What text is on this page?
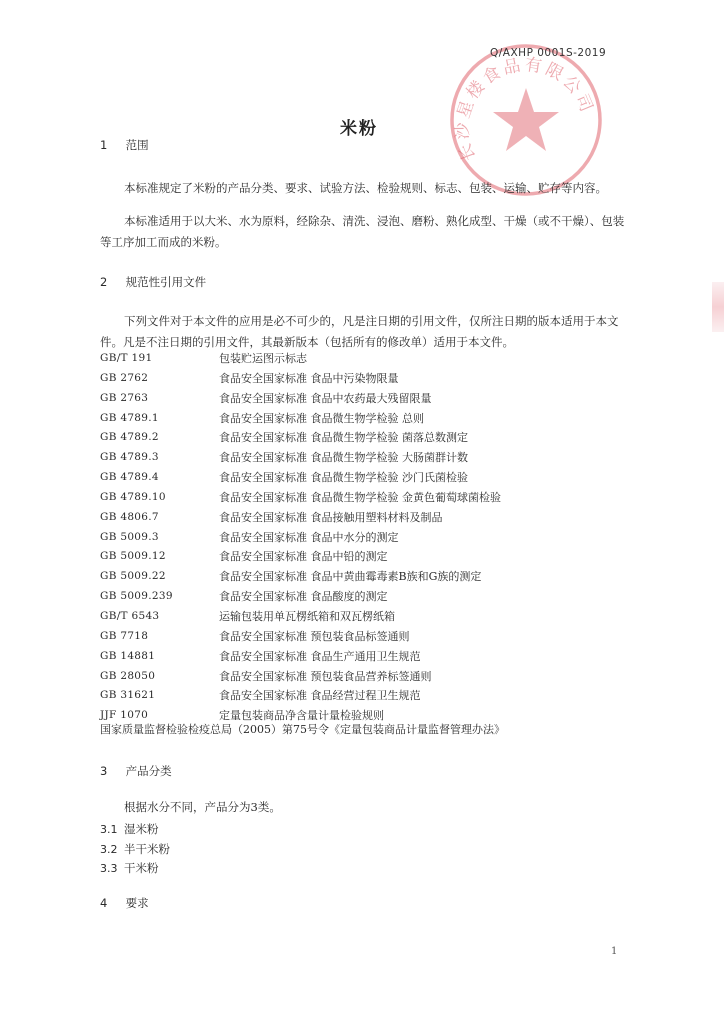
长沙星楼食品有限公司
Q/AXHP 0001S-2019
米粉
1 范围

本标准规定了米粉的产品分类、要求、试验方法、检验规则、标志、包装、运输、贮存等内容。

本标准适用于以大米、水为原料，经除杂、清洗、浸泡、磨粉、熟化成型、干燥（或不干燥）、包装等工序加工而成的米粉。

2 规范性引用文件

下列文件对于本文件的应用是必不可少的，凡是注日期的引用文件，仅所注日期的版本适用于本文件。凡是不注日期的引用文件，其最新版本（包括所有的修改单）适用于本文件。

GB/T 191	包装贮运图示标志
GB 2762	食品安全国家标准 食品中污染物限量
GB 2763	食品安全国家标准 食品中农药最大残留限量
GB 4789.1	食品安全国家标准 食品微生物学检验 总则
GB 4789.2	食品安全国家标准 食品微生物学检验 菌落总数测定
GB 4789.3	食品安全国家标准 食品微生物学检验 大肠菌群计数
GB 4789.4	食品安全国家标准 食品微生物学检验 沙门氏菌检验
GB 4789.10	食品安全国家标准 食品微生物学检验 金黄色葡萄球菌检验
GB 4806.7	食品安全国家标准 食品接触用塑料材料及制品
GB 5009.3	食品安全国家标准 食品中水分的测定
GB 5009.12	食品安全国家标准 食品中铅的测定
GB 5009.22	食品安全国家标准 食品中黄曲霉毒素B族和G族的测定
GB 5009.239	食品安全国家标准 食品酸度的测定
GB/T 6543	运输包装用单瓦楞纸箱和双瓦楞纸箱
GB 7718	食品安全国家标准 预包装食品标签通则
GB 14881	食品安全国家标准 食品生产通用卫生规范
GB 28050	食品安全国家标准 预包装食品营养标签通则
GB 31621	食品安全国家标准 食品经营过程卫生规范
JJF 1070	定量包装商品净含量计量检验规则
国家质量监督检验检疫总局（2005）第75号令《定量包装商品计量监督管理办法》
3 产品分类
根据水分不同，产品分为3类。
3.1 湿米粉
3.2 半干米粉
3.3 干米粉
4 要求
1
